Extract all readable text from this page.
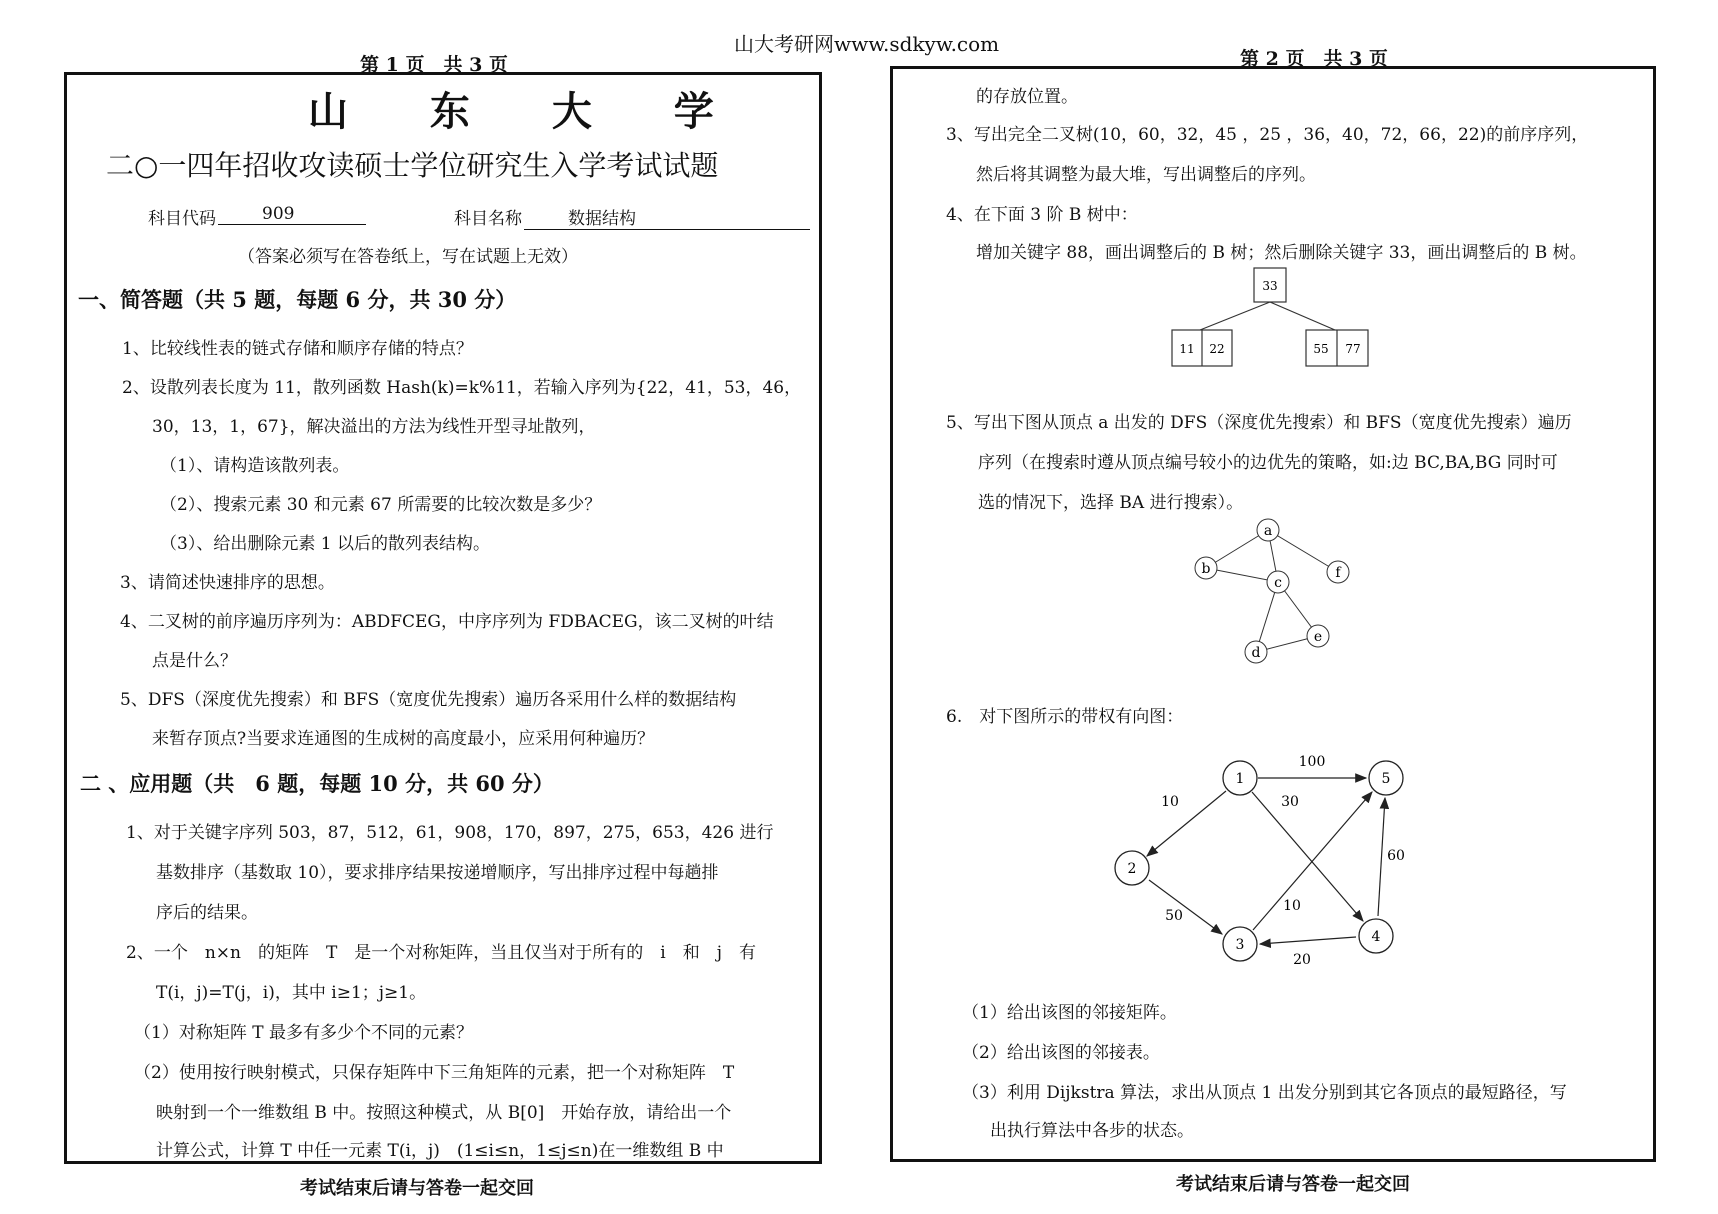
山大考研网www.sdkyw.com
第 1 页　共 3 页
山 东 大 学
二○一四年招收攻读硕士学位研究生入学考试试题
科目代码	909	科目名称	数据结构
（答案必须写在答卷纸上，写在试题上无效）
一、简答题（共 5 题，每题 6 分，共 30 分）
1、比较线性表的链式存储和顺序存储的特点？
2、设散列表长度为 11，散列函数 Hash(k)=k%11，若输入序列为{22，41，53，46，
30，13，1，67}，解决溢出的方法为线性开型寻址散列，
（1）、请构造该散列表。
（2）、搜索元素 30 和元素 67 所需要的比较次数是多少？
（3）、给出删除元素 1 以后的散列表结构。
3、请简述快速排序的思想。
4、二叉树的前序遍历序列为：ABDFCEG，中序序列为 FDBACEG，该二叉树的叶结
点是什么？
5、DFS（深度优先搜索）和 BFS（宽度优先搜索）遍历各采用什么样的数据结构
来暂存顶点?当要求连通图的生成树的高度最小，应采用何种遍历？
二 、应用题（共　6 题，每题 10 分，共 60 分）
1、对于关键字序列 503，87，512，61，908，170，897，275，653，426 进行
基数排序（基数取 10），要求排序结果按递增顺序，写出排序过程中每趟排
序后的结果。
2、一个　n×n　的矩阵　T　是一个对称矩阵，当且仅当对于所有的　i　和　j　有
T(i，j)=T(j，i)，其中 i≥1；j≥1。
（1）对称矩阵 T 最多有多少个不同的元素？
（2）使用按行映射模式，只保存矩阵中下三角矩阵的元素，把一个对称矩阵　T
映射到一个一维数组 B 中。按照这种模式，从 B[0]　开始存放，请给出一个
计算公式，计算 T 中任一元素 T(i，j)　(1≤i≤n，1≤j≤n)在一维数组 B 中
考试结束后请与答卷一起交回
第 2 页　共 3 页
的存放位置。
3、写出完全二叉树(10，60，32，45 ，25 ，36，40，72，66，22)的前序序列，
然后将其调整为最大堆，写出调整后的序列。
4、在下面 3 阶 B 树中：
增加关键字 88，画出调整后的 B 树；然后删除关键字 33，画出调整后的 B 树。
33
11 22	55 77
5、写出下图从顶点 a 出发的 DFS（深度优先搜索）和 BFS（宽度优先搜索）遍历
序列（在搜索时遵从顶点编号较小的边优先的策略，如:边 BC,BA,BG 同时可
选的情况下，选择 BA 进行搜索）。
a
b
c
d
e
f
6.　对下图所示的带权有向图：
100
10	30
60
10
50
20
1
2
3	4
5
（1）给出该图的邻接矩阵。
（2）给出该图的邻接表。
（3）利用 Dijkstra 算法，求出从顶点 1 出发分别到其它各顶点的最短路径，写
出执行算法中各步的状态。
考试结束后请与答卷一起交回
